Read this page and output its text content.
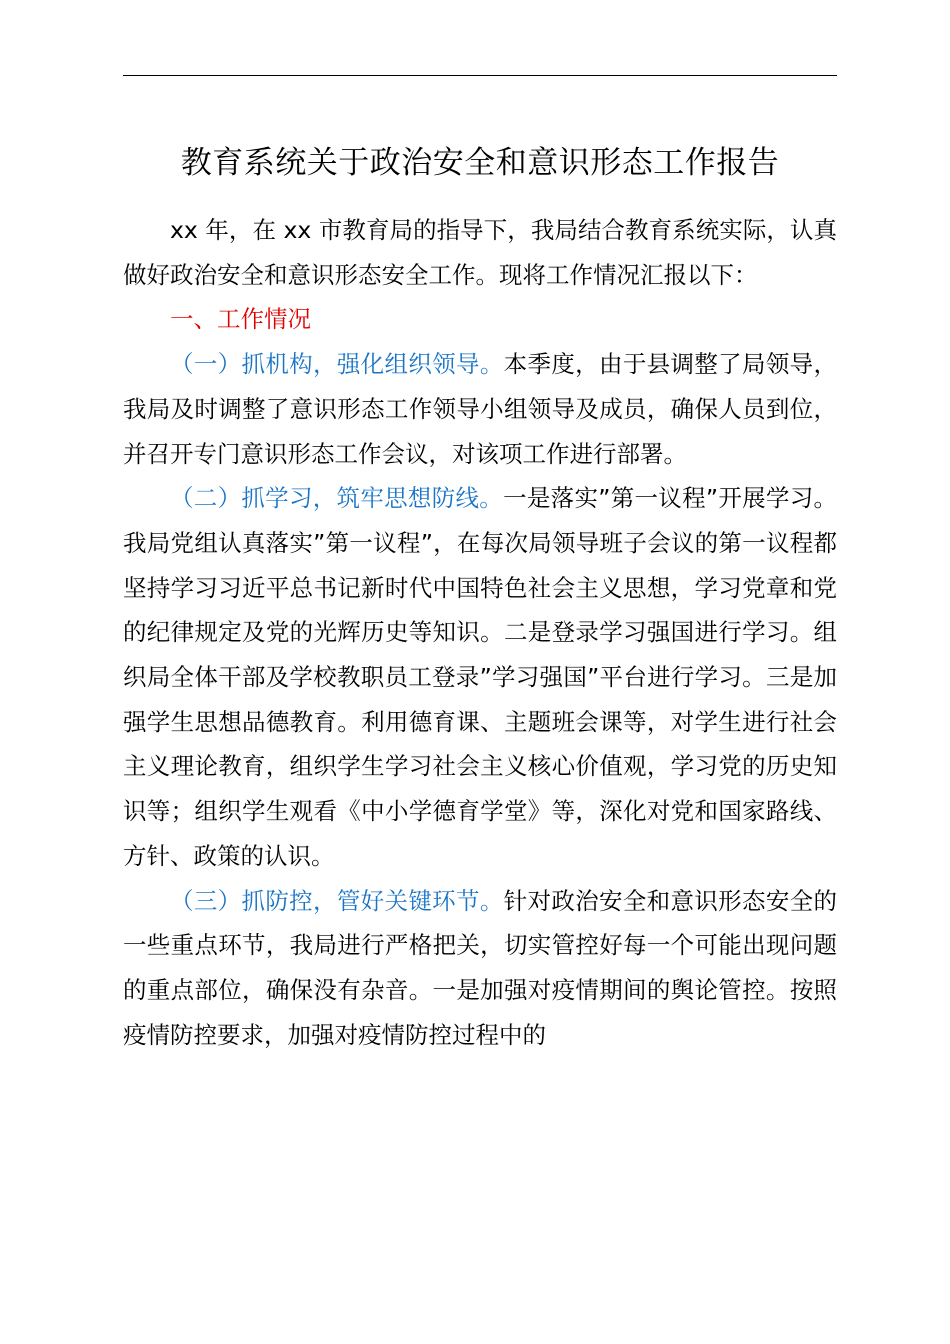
教育系统关于政治安全和意识形态工作报告

xx 年，在 xx 市教育局的指导下，我局结合教育系统实际，认真做好政治安全和意识形态安全工作。现将工作情况汇报以下：

一、工作情况

（一）抓机构，强化组织领导。本季度，由于县调整了局领导，我局及时调整了意识形态工作领导小组领导及成员，确保人员到位，并召开专门意识形态工作会议，对该项工作进行部署。

（二）抓学习，筑牢思想防线。一是落实”第一议程”开展学习。我局党组认真落实”第一议程”，在每次局领导班子会议的第一议程都坚持学习习近平总书记新时代中国特色社会主义思想，学习党章和党的纪律规定及党的光辉历史等知识。二是登录学习强国进行学习。组织局全体干部及学校教职员工登录”学习强国”平台进行学习。三是加强学生思想品德教育。利用德育课、主题班会课等，对学生进行社会主义理论教育，组织学生学习社会主义核心价值观，学习党的历史知识等；组织学生观看《中小学德育学堂》等，深化对党和国家路线、方针、政策的认识。

（三）抓防控，管好关键环节。针对政治安全和意识形态安全的一些重点环节，我局进行严格把关，切实管控好每一个可能出现问题的重点部位，确保没有杂音。一是加强对疫情期间的舆论管控。按照疫情防控要求，加强对疫情防控过程中的
